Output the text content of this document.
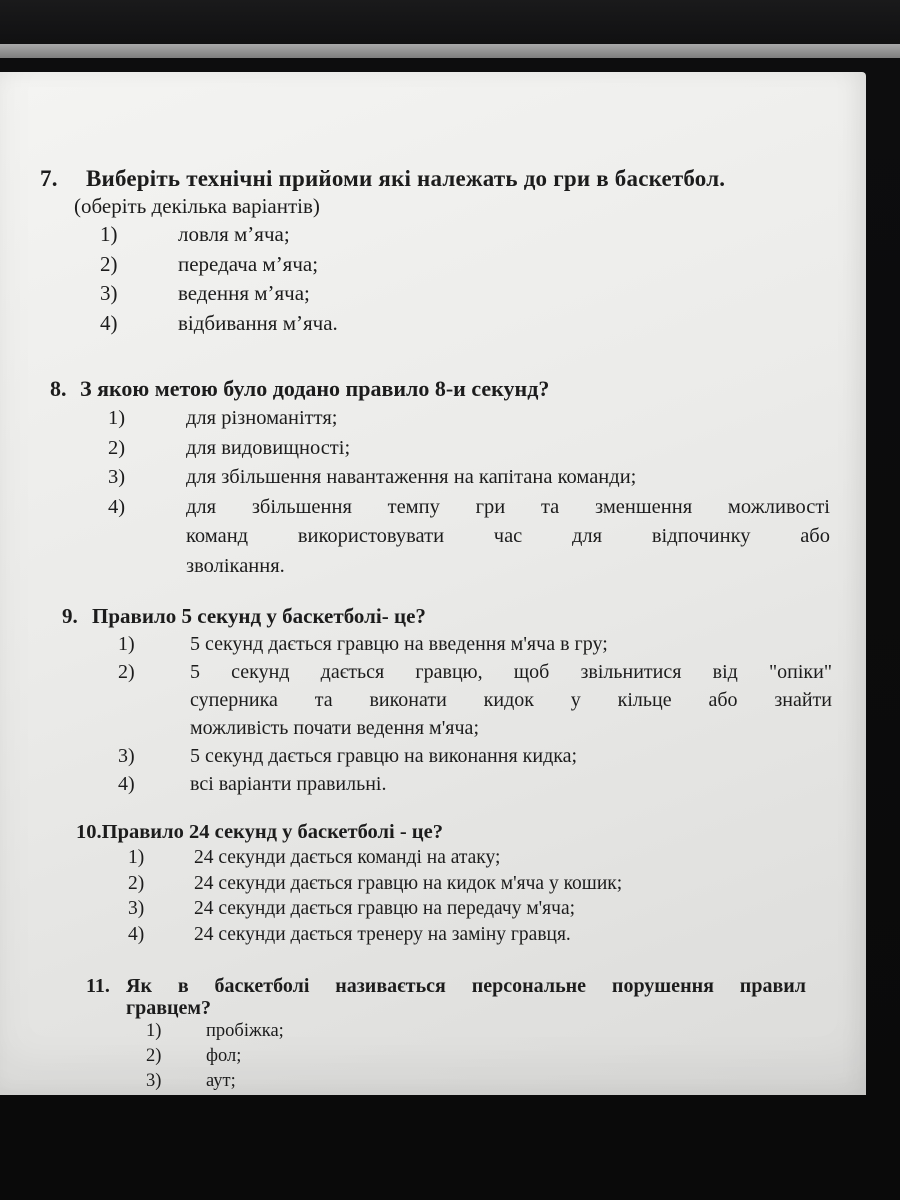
7. Виберіть технічні прийоми які належать до гри в баскетбол.
(оберіть декілька варіантів)
1)	ловля м’яча;
2)	передача м’яча;
3)	ведення м’яча;
4)	відбивання м’яча.
8. З якою метою було додано правило 8-и секунд?
1)	для різноманіття;
2)	для видовищності;
3)	для збільшення навантаження на капітана команди;
4)	для збільшення темпу гри та зменшення можливості
команд використовувати час для відпочинку або
зволікання.
9. Правило 5 секунд у баскетболі- це?
1)	5 секунд дається гравцю на введення м'яча в гру;
2)	5 секунд дається гравцю, щоб звільнитися від "опіки"
суперника та виконати кидок у кільце або знайти
можливість почати ведення м'яча;
3)	5 секунд дається гравцю на виконання кидка;
4)	всі варіанти правильні.
10.Правило 24 секунд у баскетболі - це?
1)	24 секунди дається команді на атаку;
2)	24 секунди дається гравцю на кидок м'яча у кошик;
3)	24 секунди дається гравцю на передачу м'яча;
4)	24 секунди дається тренеру на заміну гравця.
11. Як в баскетболі називається персональне порушення правил
гравцем?
1)	пробіжка;
2)	фол;
3)	аут;
